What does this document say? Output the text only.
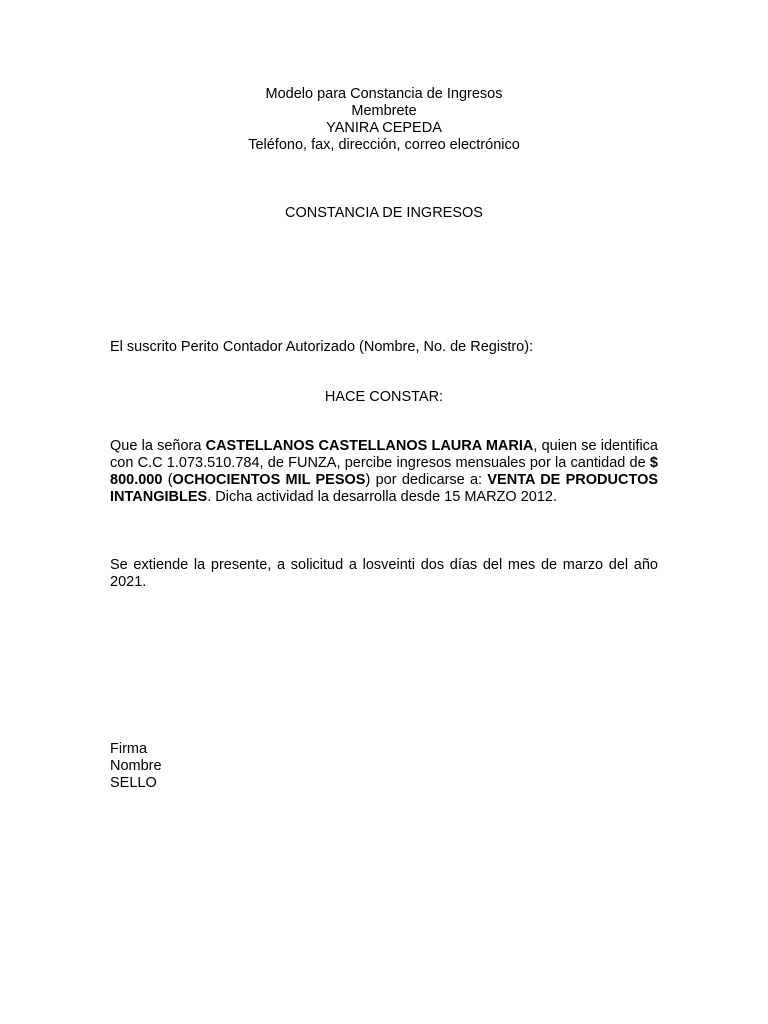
Modelo para Constancia de Ingresos
Membrete
YANIRA CEPEDA
Teléfono, fax, dirección, correo electrónico
CONSTANCIA DE INGRESOS
El suscrito Perito Contador Autorizado (Nombre, No. de Registro):
HACE CONSTAR:
Que la señora CASTELLANOS CASTELLANOS LAURA MARIA, quien se identifica con C.C 1.073.510.784, de FUNZA, percibe ingresos mensuales por la cantidad de $ 800.000 (OCHOCIENTOS MIL PESOS) por dedicarse a: VENTA DE PRODUCTOS INTANGIBLES. Dicha actividad la desarrolla desde 15 MARZO 2012.
Se extiende la presente, a solicitud a losveinti dos días del mes de marzo del año 2021.
Firma
Nombre
SELLO
